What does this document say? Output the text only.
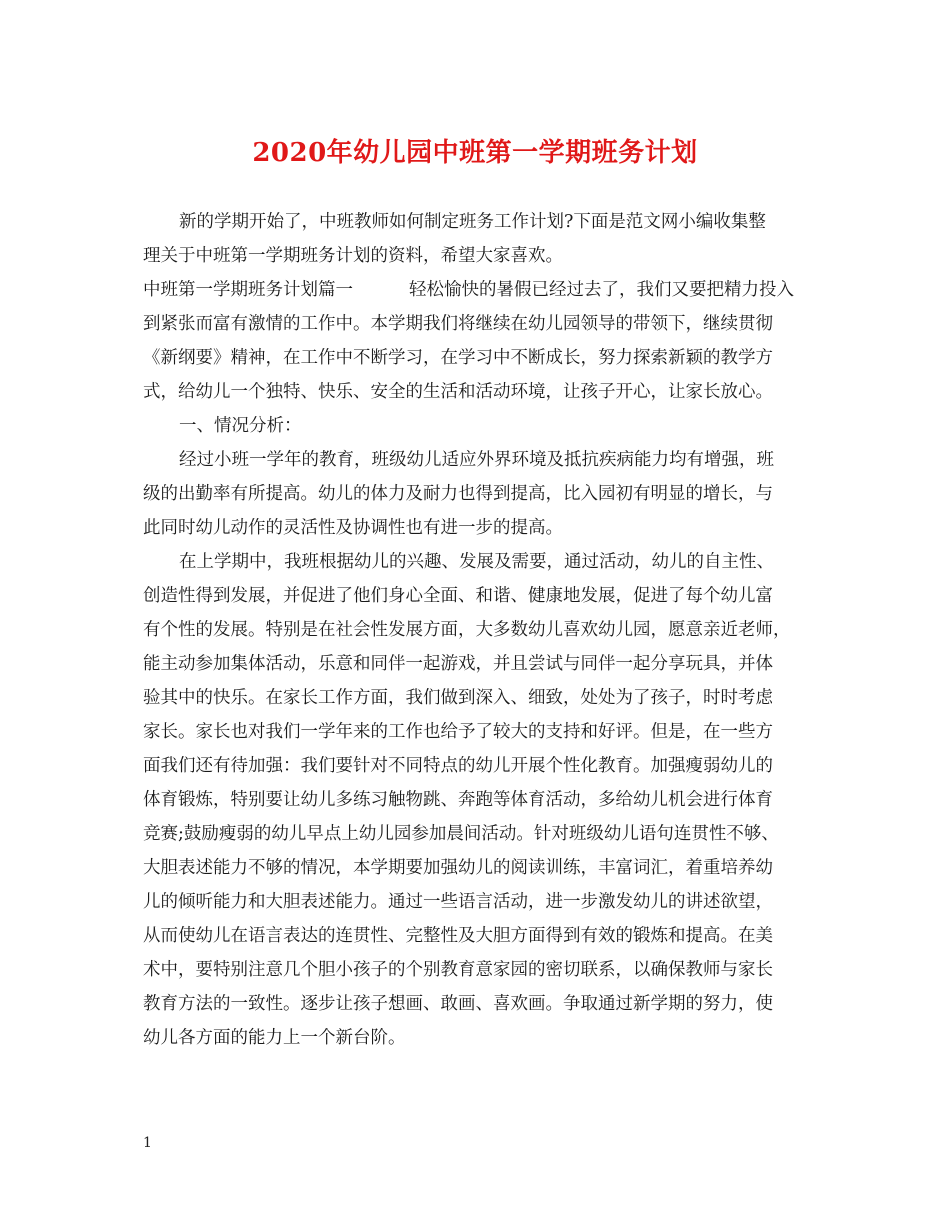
2020年幼儿园中班第一学期班务计划
新的学期开始了，中班教师如何制定班务工作计划?下面是范文网小编收集整
理关于中班第一学期班务计划的资料，希望大家喜欢。
中班第一学期班务计划篇一	轻松愉快的暑假已经过去了，我们又要把精力投入
到紧张而富有激情的工作中。本学期我们将继续在幼儿园领导的带领下，继续贯彻
《新纲要》精神，在工作中不断学习，在学习中不断成长，努力探索新颖的教学方
式，给幼儿一个独特、快乐、安全的生活和活动环境，让孩子开心，让家长放心。
一、情况分析：
经过小班一学年的教育，班级幼儿适应外界环境及抵抗疾病能力均有增强，班
级的出勤率有所提高。幼儿的体力及耐力也得到提高，比入园初有明显的增长，与
此同时幼儿动作的灵活性及协调性也有进一步的提高。
在上学期中，我班根据幼儿的兴趣、发展及需要，通过活动，幼儿的自主性、
创造性得到发展，并促进了他们身心全面、和谐、健康地发展，促进了每个幼儿富
有个性的发展。特别是在社会性发展方面，大多数幼儿喜欢幼儿园，愿意亲近老师，
能主动参加集体活动，乐意和同伴一起游戏，并且尝试与同伴一起分享玩具，并体
验其中的快乐。在家长工作方面，我们做到深入、细致，处处为了孩子，时时考虑
家长。家长也对我们一学年来的工作也给予了较大的支持和好评。但是，在一些方
面我们还有待加强：我们要针对不同特点的幼儿开展个性化教育。加强瘦弱幼儿的
体育锻炼，特别要让幼儿多练习触物跳、奔跑等体育活动，多给幼儿机会进行体育
竞赛;鼓励瘦弱的幼儿早点上幼儿园参加晨间活动。针对班级幼儿语句连贯性不够、
大胆表述能力不够的情况，本学期要加强幼儿的阅读训练，丰富词汇，着重培养幼
儿的倾听能力和大胆表述能力。通过一些语言活动，进一步激发幼儿的讲述欲望，
从而使幼儿在语言表达的连贯性、完整性及大胆方面得到有效的锻炼和提高。在美
术中，要特别注意几个胆小孩子的个别教育意家园的密切联系，以确保教师与家长
教育方法的一致性。逐步让孩子想画、敢画、喜欢画。争取通过新学期的努力，使
幼儿各方面的能力上一个新台阶。
1
